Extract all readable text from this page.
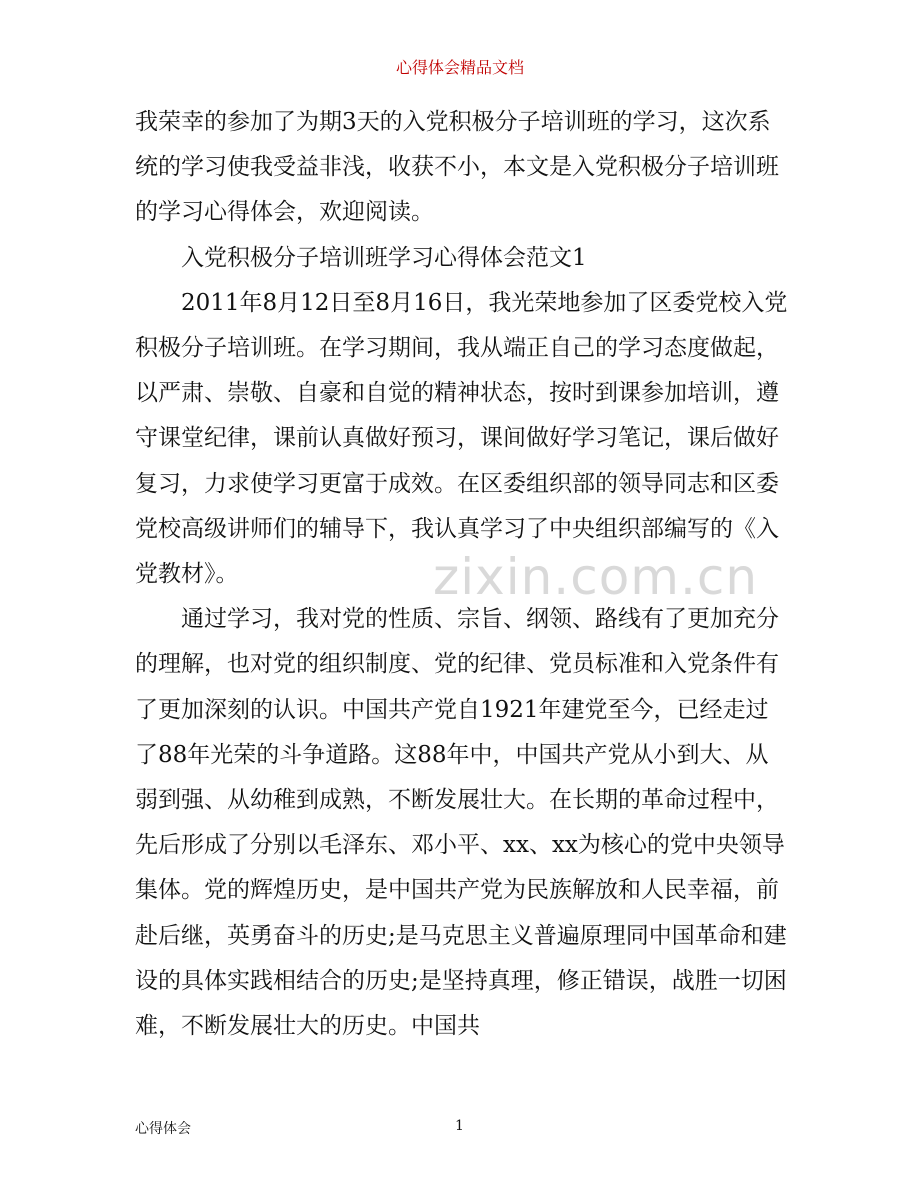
心得体会精品文档
zixin.com.cn

我荣幸的参加了为期3天的入党积极分子培训班的学习，这次系统的学习使我受益非浅，收获不小，本文是入党积极分子培训班的学习心得体会，欢迎阅读。

入党积极分子培训班学习心得体会范文1

2011年8月12日至8月16日，我光荣地参加了区委党校入党积极分子培训班。在学习期间，我从端正自己的学习态度做起，以严肃、崇敬、自豪和自觉的精神状态，按时到课参加培训，遵守课堂纪律，课前认真做好预习，课间做好学习笔记，课后做好复习，力求使学习更富于成效。在区委组织部的领导同志和区委党校高级讲师们的辅导下，我认真学习了中央组织部编写的《入党教材》。

通过学习，我对党的性质、宗旨、纲领、路线有了更加充分的理解，也对党的组织制度、党的纪律、党员标准和入党条件有了更加深刻的认识。中国共产党自1921年建党至今，已经走过了88年光荣的斗争道路。这88年中，中国共产党从小到大、从弱到强、从幼稚到成熟，不断发展壮大。在长期的革命过程中，先后形成了分别以毛泽东、邓小平、xx、xx为核心的党中央领导集体。党的辉煌历史，是中国共产党为民族解放和人民幸福，前赴后继，英勇奋斗的历史;是马克思主义普遍原理同中国革命和建设的具体实践相结合的历史;是坚持真理，修正错误，战胜一切困难，不断发展壮大的历史。中国共

心得体会	1
